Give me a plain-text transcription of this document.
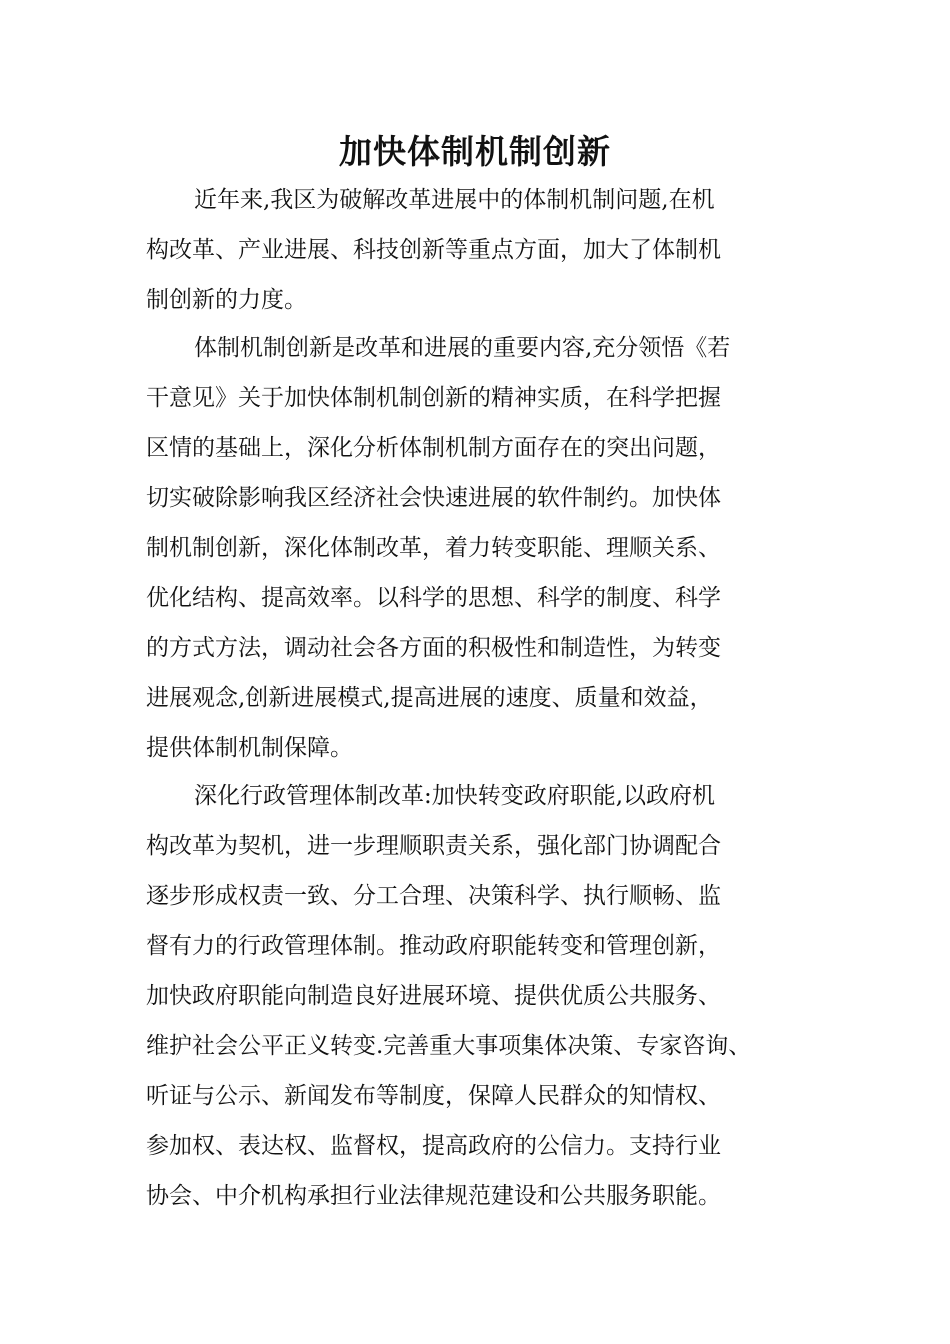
加快体制机制创新
近年来,我区为破解改革进展中的体制机制问题,在机
构改革、产业进展、科技创新等重点方面，加大了体制机
制创新的力度。
体制机制创新是改革和进展的重要内容,充分领悟《若
干意见》关于加快体制机制创新的精神实质，在科学把握
区情的基础上，深化分析体制机制方面存在的突出问题，
切实破除影响我区经济社会快速进展的软件制约。加快体
制机制创新，深化体制改革，着力转变职能、理顺关系、
优化结构、提高效率。以科学的思想、科学的制度、科学
的方式方法，调动社会各方面的积极性和制造性，为转变
进展观念,创新进展模式,提高进展的速度、质量和效益，
提供体制机制保障。
深化行政管理体制改革:加快转变政府职能,以政府机
构改革为契机，进一步理顺职责关系，强化部门协调配合
逐步形成权责一致、分工合理、决策科学、执行顺畅、监
督有力的行政管理体制。推动政府职能转变和管理创新，
加快政府职能向制造良好进展环境、提供优质公共服务、
维护社会公平正义转变.完善重大事项集体决策、专家咨询、
听证与公示、新闻发布等制度，保障人民群众的知情权、
参加权、表达权、监督权，提高政府的公信力。支持行业
协会、中介机构承担行业法律规范建设和公共服务职能。
